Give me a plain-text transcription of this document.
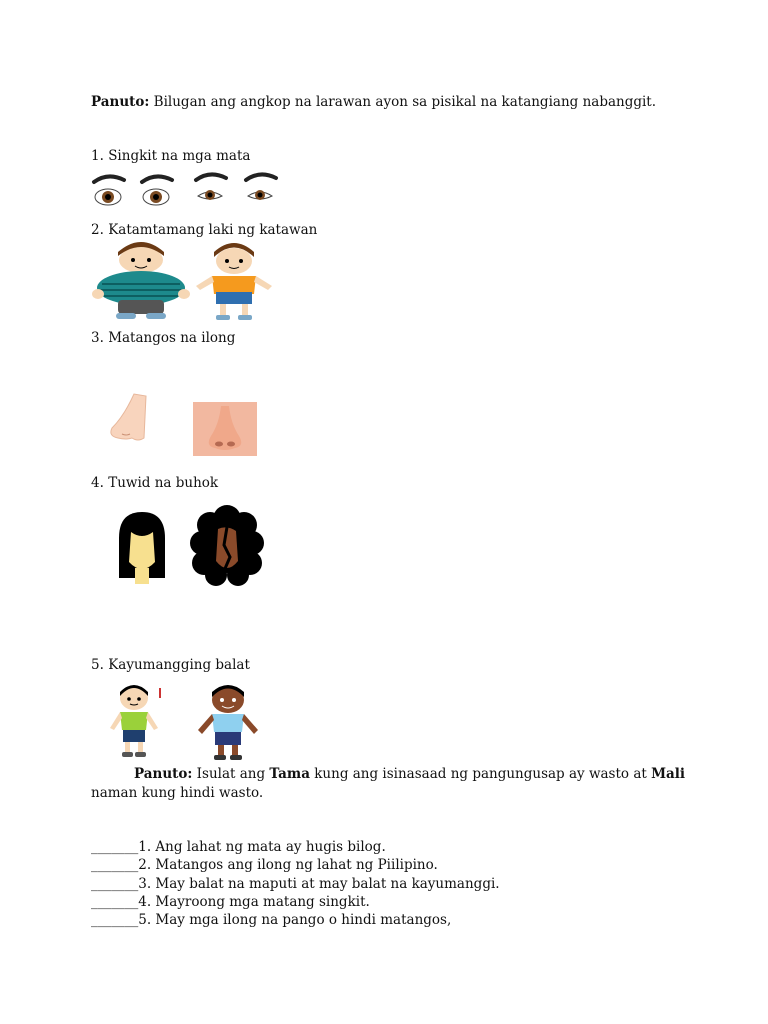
Panuto: Bilugan ang angkop na larawan ayon sa pisikal na katangiang nabanggit.
1. Singkit na mga mata
2. Katamtamang laki ng katawan
3. Matangos na ilong
4. Tuwid na buhok
5. Kayumangging balat
Panuto: Isulat ang Tama kung ang isinasaad ng pangungusap ay wasto at Mali
naman kung hindi wasto.
_______1. Ang lahat ng mata ay hugis bilog.
_______2. Matangos ang ilong ng lahat ng Piilipino.
_______3. May balat na maputi at may balat na kayumanggi.
_______4. Mayroong mga matang singkit.
_______5. May mga ilong na pango o hindi matangos,
